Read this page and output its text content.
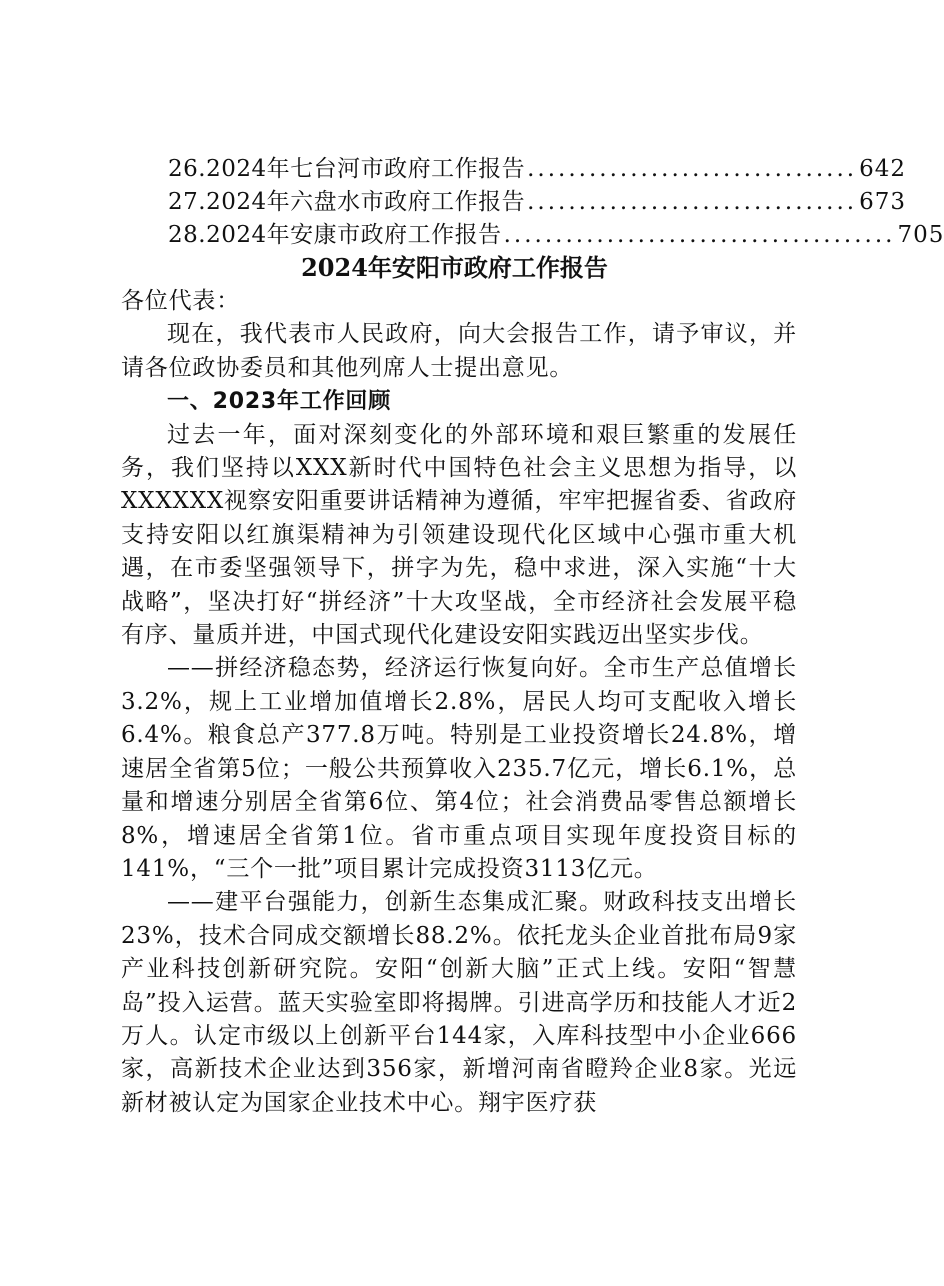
26.2024年七台河市政府工作报告 ................................ 642
27.2024年六盘水市政府工作报告 ................................ 673
28.2024年安康市政府工作报告 ...................................... 705
2024年安阳市政府工作报告

各位代表：

现在，我代表市人民政府，向大会报告工作，请予审议，并请各位政协委员和其他列席人士提出意见。

一、2023年工作回顾

过去一年，面对深刻变化的外部环境和艰巨繁重的发展任务，我们坚持以XXX新时代中国特色社会主义思想为指导，以XXXXXX视察安阳重要讲话精神为遵循，牢牢把握省委、省政府支持安阳以红旗渠精神为引领建设现代化区域中心强市重大机遇，在市委坚强领导下，拼字为先，稳中求进，深入实施“十大战略”，坚决打好“拼经济”十大攻坚战，全市经济社会发展平稳有序、量质并进，中国式现代化建设安阳实践迈出坚实步伐。

——拼经济稳态势，经济运行恢复向好。全市生产总值增长3.2%，规上工业增加值增长2.8%，居民人均可支配收入增长6.4%。粮食总产377.8万吨。特别是工业投资增长24.8%，增速居全省第5位；一般公共预算收入235.7亿元，增长6.1%，总量和增速分别居全省第6位、第4位；社会消费品零售总额增长8%，增速居全省第1位。省市重点项目实现年度投资目标的141%，“三个一批”项目累计完成投资3113亿元。

——建平台强能力，创新生态集成汇聚。财政科技支出增长23%，技术合同成交额增长88.2%。依托龙头企业首批布局9家产业科技创新研究院。安阳“创新大脑”正式上线。安阳“智慧岛”投入运营。蓝天实验室即将揭牌。引进高学历和技能人才近2万人。认定市级以上创新平台144家，入库科技型中小企业666家，高新技术企业达到356家，新增河南省瞪羚企业8家。光远新材被认定为国家企业技术中心。翔宇医疗获
